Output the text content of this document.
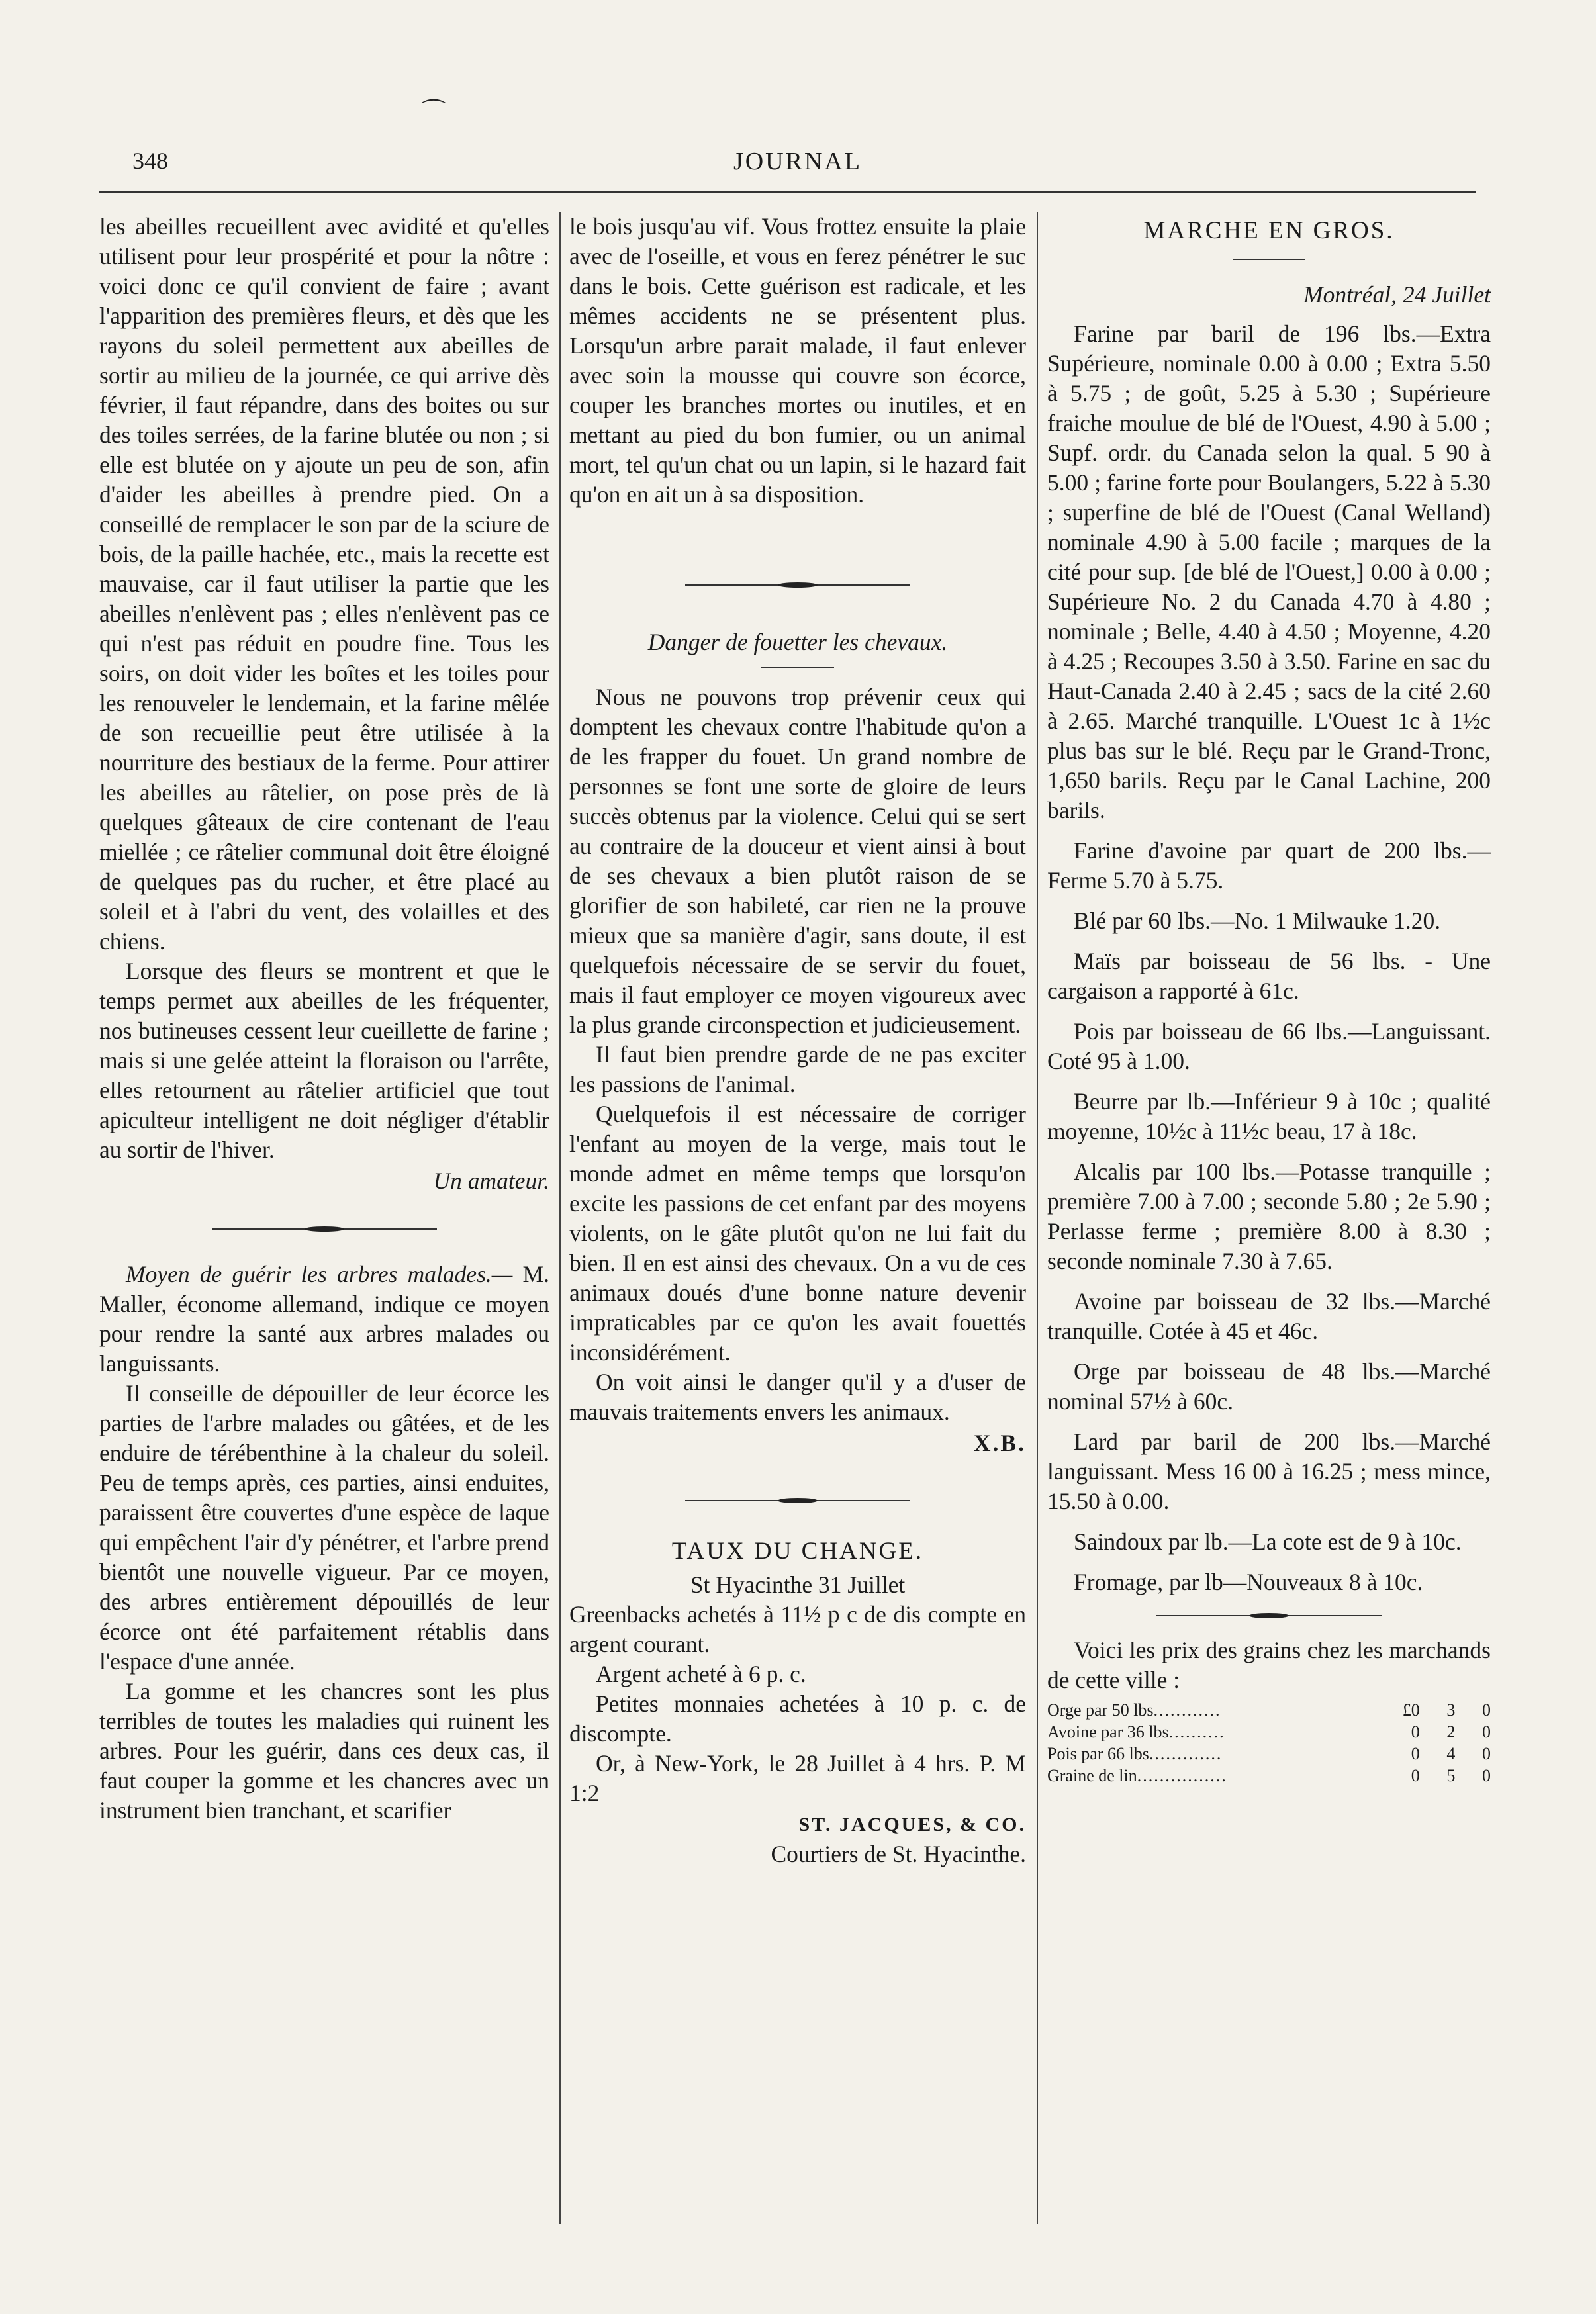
⌒
348	JOURNAL

les abeilles recueillent avec avidité et qu'elles utilisent pour leur prospérité et pour la nôtre : voici donc ce qu'il convient de faire ; avant l'apparition des premières fleurs, et dès que les rayons du soleil permettent aux abeilles de sortir au milieu de la journée, ce qui arrive dès février, il faut répandre, dans des boites ou sur des toiles serrées, de la farine blutée ou non ; si elle est blutée on y ajoute un peu de son, afin d'aider les abeilles à prendre pied. On a conseillé de remplacer le son par de la sciure de bois, de la paille hachée, etc., mais la recette est mauvaise, car il faut utiliser la partie que les abeilles n'enlèvent pas ; elles n'enlèvent pas ce qui n'est pas réduit en poudre fine. Tous les soirs, on doit vider les boîtes et les toiles pour les renouveler le lendemain, et la farine mêlée de son recueillie peut être utilisée à la nourriture des bestiaux de la ferme. Pour attirer les abeilles au râtelier, on pose près de là quelques gâteaux de cire contenant de l'eau miellée ; ce râtelier communal doit être éloigné de quelques pas du rucher, et être placé au soleil et à l'abri du vent, des volailles et des chiens.

Lorsque des fleurs se montrent et que le temps permet aux abeilles de les fréquenter, nos butineuses cessent leur cueillette de farine ; mais si une gelée atteint la floraison ou l'arrête, elles retournent au râtelier artificiel que tout apiculteur intelligent ne doit négliger d'établir au sortir de l'hiver.

Un amateur.

Moyen de guérir les arbres malades.— M. Maller, économe allemand, indique ce moyen pour rendre la santé aux arbres malades ou languissants.

Il conseille de dépouiller de leur écorce les parties de l'arbre malades ou gâtées, et de les enduire de térébenthine à la chaleur du soleil. Peu de temps après, ces parties, ainsi enduites, paraissent être couvertes d'une espèce de laque qui empêchent l'air d'y pénétrer, et l'arbre prend bientôt une nouvelle vigueur. Par ce moyen, des arbres entièrement dépouillés de leur écorce ont été parfaitement rétablis dans l'espace d'une année.

La gomme et les chancres sont les plus terribles de toutes les maladies qui ruinent les arbres. Pour les guérir, dans ces deux cas, il faut couper la gomme et les chancres avec un instrument bien tranchant, et scarifier

le bois jusqu'au vif. Vous frottez ensuite la plaie avec de l'oseille, et vous en ferez pénétrer le suc dans le bois. Cette guérison est radicale, et les mêmes accidents ne se présentent plus. Lorsqu'un arbre parait malade, il faut enlever avec soin la mousse qui couvre son écorce, couper les branches mortes ou inutiles, et en mettant au pied du bon fumier, ou un animal mort, tel qu'un chat ou un lapin, si le hazard fait qu'on en ait un à sa disposition.

Danger de fouetter les chevaux.

Nous ne pouvons trop prévenir ceux qui domptent les chevaux contre l'habitude qu'on a de les frapper du fouet. Un grand nombre de personnes se font une sorte de gloire de leurs succès obtenus par la violence. Celui qui se sert au contraire de la douceur et vient ainsi à bout de ses chevaux a bien plutôt raison de se glorifier de son habileté, car rien ne la prouve mieux que sa manière d'agir, sans doute, il est quelquefois nécessaire de se servir du fouet, mais il faut employer ce moyen vigoureux avec la plus grande circonspection et judicieusement.

Il faut bien prendre garde de ne pas exciter les passions de l'animal.

Quelquefois il est nécessaire de corriger l'enfant au moyen de la verge, mais tout le monde admet en même temps que lorsqu'on excite les passions de cet enfant par des moyens violents, on le gâte plutôt qu'on ne lui fait du bien. Il en est ainsi des chevaux. On a vu de ces animaux doués d'une bonne nature devenir impraticables par ce qu'on les avait fouettés inconsidérément.

On voit ainsi le danger qu'il y a d'user de mauvais traitements envers les animaux.

X.B.
TAUX DU CHANGE.
St Hyacinthe 31 Juillet

Greenbacks achetés à 11½ p c de dis compte en argent courant.

Argent acheté à 6 p. c.

Petites monnaies achetées à 10 p. c. de discompte.

Or, à New-York, le 28 Juillet à 4 hrs. P. M 1:2

ST. JACQUES, & CO.
Courtiers de St. Hyacinthe.
MARCHE EN GROS.
Montréal, 24 Juillet

Farine par baril de 196 lbs.—Extra Supérieure, nominale 0.00 à 0.00 ; Extra 5.50 à 5.75 ; de goût, 5.25 à 5.30 ; Supérieure fraiche moulue de blé de l'Ouest, 4.90 à 5.00 ; Supf. ordr. du Canada selon la qual. 5 90 à 5.00 ; farine forte pour Boulangers, 5.22 à 5.30 ; superfine de blé de l'Ouest (Canal Welland) nominale 4.90 à 5.00 facile ; marques de la cité pour sup. [de blé de l'Ouest,] 0.00 à 0.00 ; Supérieure No. 2 du Canada 4.70 à 4.80 ; nominale ; Belle, 4.40 à 4.50 ; Moyenne, 4.20 à 4.25 ; Recoupes 3.50 à 3.50. Farine en sac du Haut-Canada 2.40 à 2.45 ; sacs de la cité 2.60 à 2.65. Marché tranquille. L'Ouest 1c à 1½c plus bas sur le blé. Reçu par le Grand-Tronc, 1,650 barils. Reçu par le Canal Lachine, 200 barils.

Farine d'avoine par quart de 200 lbs.—Ferme 5.70 à 5.75.

Blé par 60 lbs.—No. 1 Milwauke 1.20.

Maïs par boisseau de 56 lbs. - Une cargaison a rapporté à 61c.

Pois par boisseau de 66 lbs.—Languissant. Coté 95 à 1.00.

Beurre par lb.—Inférieur 9 à 10c ; qualité moyenne, 10½c à 11½c beau, 17 à 18c.

Alcalis par 100 lbs.—Potasse tranquille ; première 7.00 à 7.00 ; seconde 5.80 ; 2e 5.90 ; Perlasse ferme ; première 8.00 à 8.30 ; seconde nominale 7.30 à 7.65.

Avoine par boisseau de 32 lbs.—Marché tranquille. Cotée à 45 et 46c.

Orge par boisseau de 48 lbs.—Marché nominal 57½ à 60c.

Lard par baril de 200 lbs.—Marché languissant. Mess 16 00 à 16.25 ; mess mince, 15.50 à 0.00.

Saindoux par lb.—La cote est de 9 à 10c.

Fromage, par lb—Nouveaux 8 à 10c.

Voici les prix des grains chez les marchands de cette ville :

Orge par 50 lbs............	£0	3	0
Avoine par 36 lbs..........	0	2	0
Pois par 66 lbs.............	0	4	0
Graine de lin................	0	5	0
